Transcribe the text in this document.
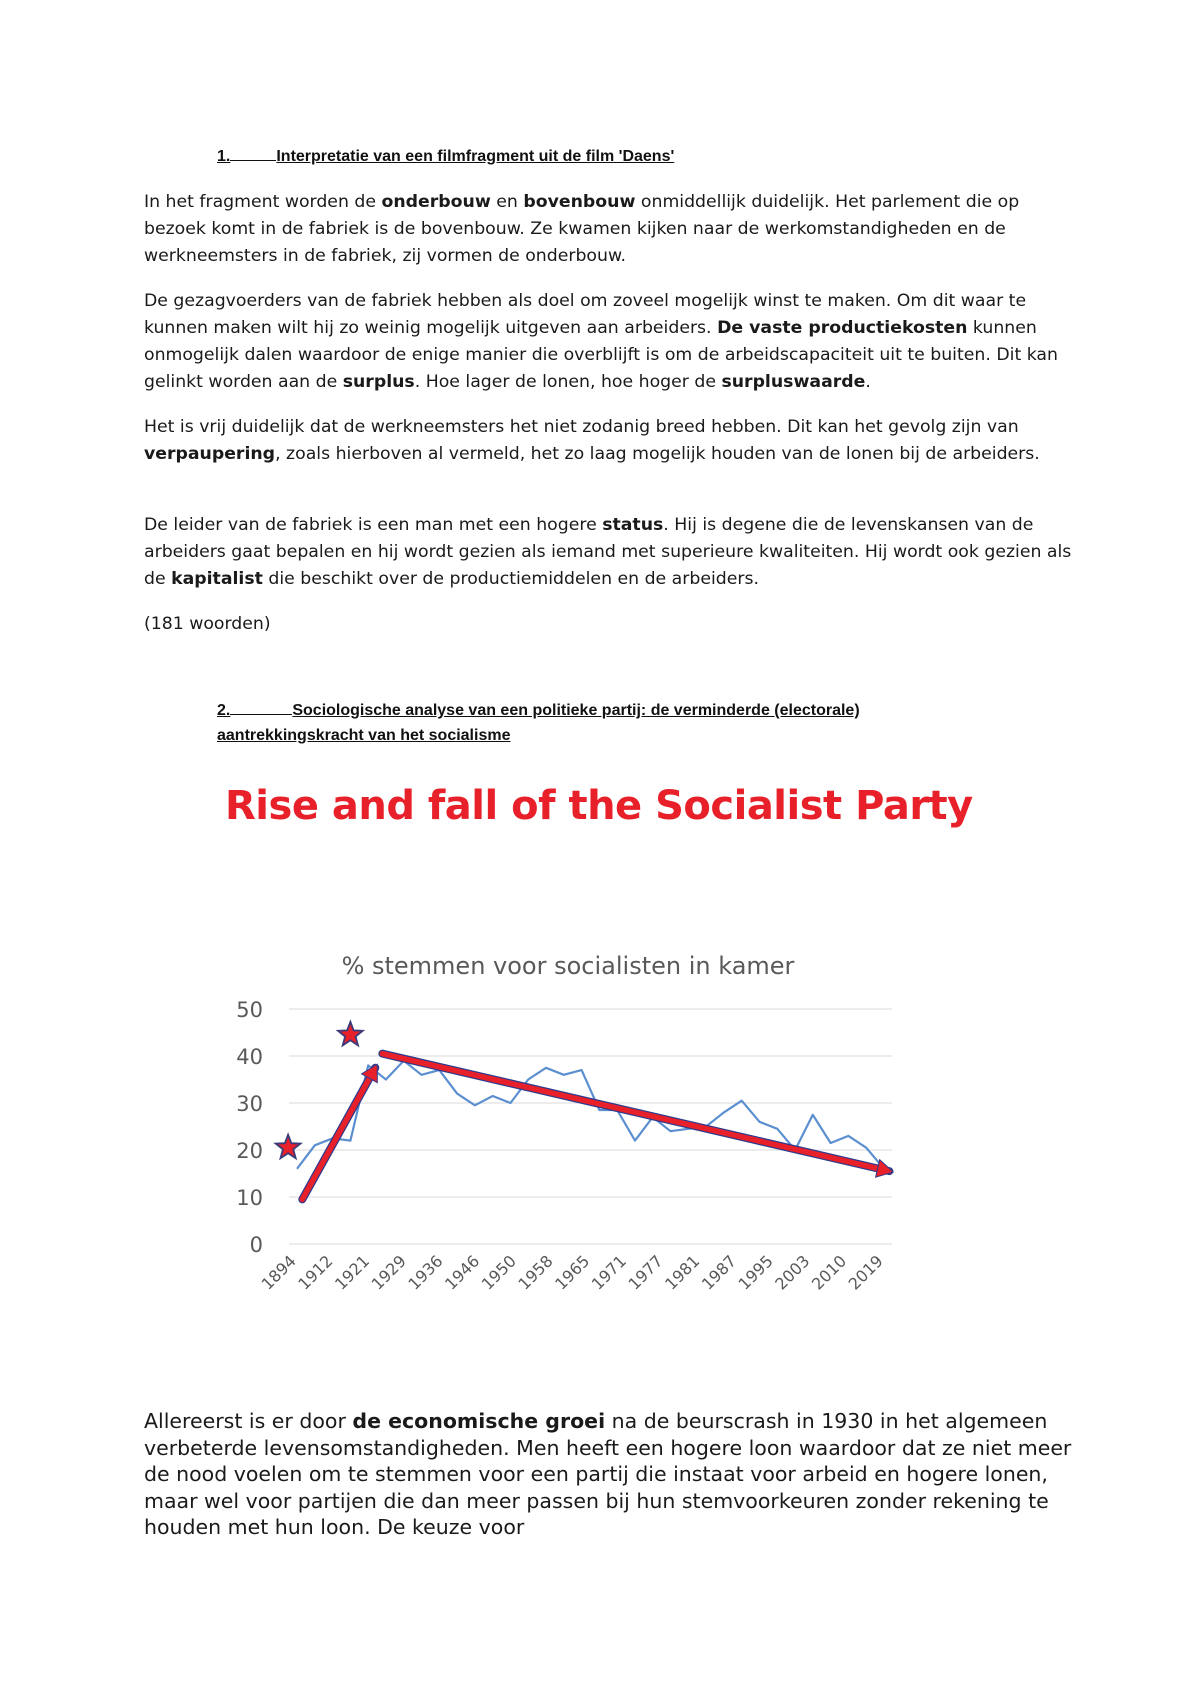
1.	Interpretatie van een filmfragment uit de film 'Daens'

In het fragment worden de onderbouw en bovenbouw onmiddellijk duidelijk. Het parlement die op bezoek komt in de fabriek is de bovenbouw. Ze kwamen kijken naar de werkomstandigheden en de werkneemsters in de fabriek, zij vormen de onderbouw.

De gezagvoerders van de fabriek hebben als doel om zoveel mogelijk winst te maken. Om dit waar te kunnen maken wilt hij zo weinig mogelijk uitgeven aan arbeiders. De vaste productiekosten kunnen onmogelijk dalen waardoor de enige manier die overblijft is om de arbeidscapaciteit uit te buiten. Dit kan gelinkt worden aan de surplus. Hoe lager de lonen, hoe hoger de surpluswaarde.

Het is vrij duidelijk dat de werkneemsters het niet zodanig breed hebben. Dit kan het gevolg zijn van verpaupering, zoals hierboven al vermeld, het zo laag mogelijk houden van de lonen bij de arbeiders.

De leider van de fabriek is een man met een hogere status. Hij is degene die de levenskansen van de arbeiders gaat bepalen en hij wordt gezien als iemand met superieure kwaliteiten. Hij wordt ook gezien als de kapitalist die beschikt over de productiemiddelen en de arbeiders.

(181 woorden)
2.	Sociologische analyse van een politieke partij: de verminderde (electorale)
aantrekkingskracht van het socialisme
Rise and fall of the Socialist Party
% stemmen voor socialisten in kamer
0
10
20
30
40
50
1894
1912
1921
1929
1936
1946
1950
1958
1965
1971
1977
1981
1987
1995
2003
2010
2019
Allereerst is er door de economische groei na de beurscrash in 1930 in het algemeen verbeterde levensomstandigheden. Men heeft een hogere loon waardoor dat ze niet meer de nood voelen om te stemmen voor een partij die instaat voor arbeid en hogere lonen, maar wel voor partijen die dan meer passen bij hun stemvoorkeuren zonder rekening te houden met hun loon. De keuze voor
